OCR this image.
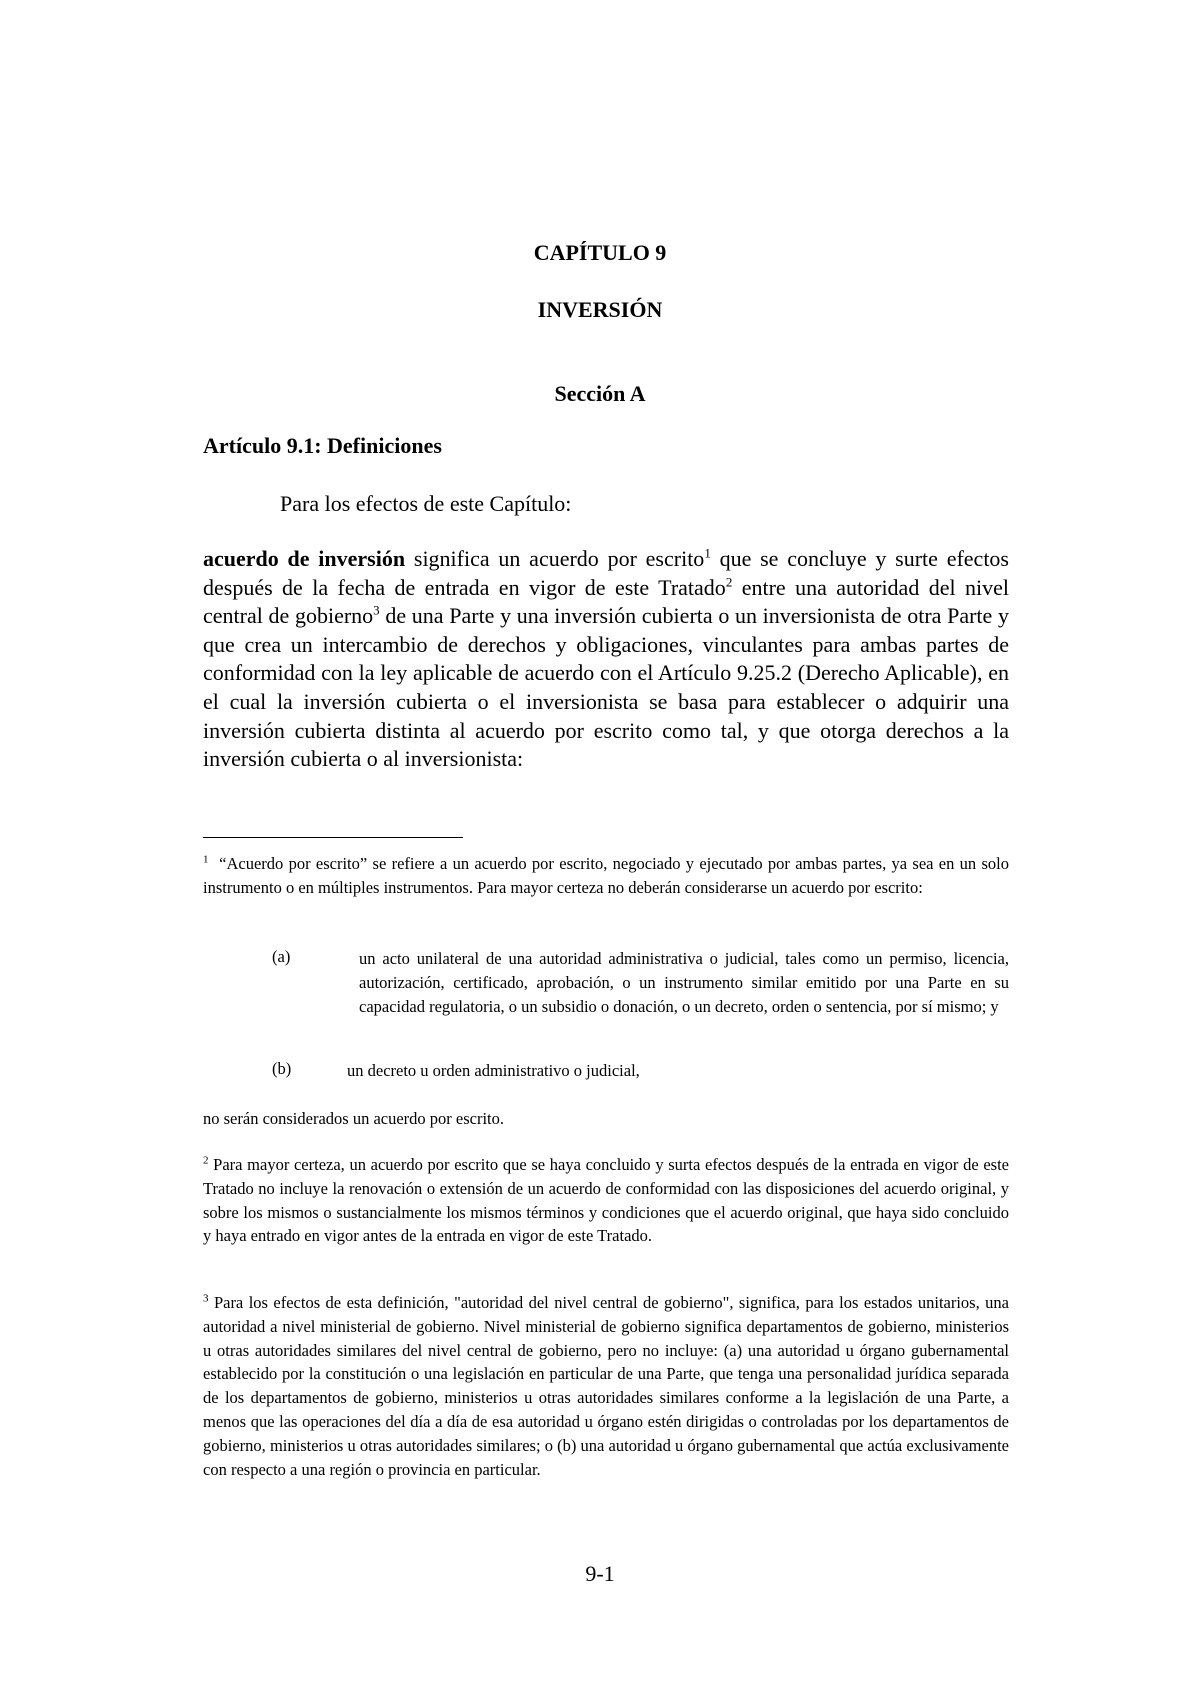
CAPÍTULO 9
INVERSIÓN
Sección A
Artículo 9.1: Definiciones
Para los efectos de este Capítulo:

acuerdo de inversión significa un acuerdo por escrito$^1$ que se concluye y surte efectos después de la fecha de entrada en vigor de este Tratado$^2$ entre una autoridad del nivel central de gobierno$^3$ de una Parte y una inversión cubierta o un inversionista de otra Parte y que crea un intercambio de derechos y obligaciones, vinculantes para ambas partes de conformidad con la ley aplicable de acuerdo con el Artículo 9.25.2 (Derecho Aplicable), en el cual la inversión cubierta o el inversionista se basa para establecer o adquirir una inversión cubierta distinta al acuerdo por escrito como tal, y que otorga derechos a la inversión cubierta o al inversionista:

$^1$ “Acuerdo por escrito” se refiere a un acuerdo por escrito, negociado y ejecutado por ambas partes, ya sea en un solo instrumento o en múltiples instrumentos. Para mayor certeza no deberán considerarse un acuerdo por escrito:

(a)	un acto unilateral de una autoridad administrativa o judicial, tales como un permiso, licencia, autorización, certificado, aprobación, o un instrumento similar emitido por una Parte en su capacidad regulatoria, o un subsidio o donación, o un decreto, orden o sentencia, por sí mismo; y

(b)	un decreto u orden administrativo o judicial,

no serán considerados un acuerdo por escrito.

$^2$ Para mayor certeza, un acuerdo por escrito que se haya concluido y surta efectos después de la entrada en vigor de este Tratado no incluye la renovación o extensión de un acuerdo de conformidad con las disposiciones del acuerdo original, y sobre los mismos o sustancialmente los mismos términos y condiciones que el acuerdo original, que haya sido concluido y haya entrado en vigor antes de la entrada en vigor de este Tratado.

$^3$ Para los efectos de esta definición, "autoridad del nivel central de gobierno", significa, para los estados unitarios, una autoridad a nivel ministerial de gobierno. Nivel ministerial de gobierno significa departamentos de gobierno, ministerios u otras autoridades similares del nivel central de gobierno, pero no incluye: (a) una autoridad u órgano gubernamental establecido por la constitución o una legislación en particular de una Parte, que tenga una personalidad jurídica separada de los departamentos de gobierno, ministerios u otras autoridades similares conforme a la legislación de una Parte, a menos que las operaciones del día a día de esa autoridad u órgano estén dirigidas o controladas por los departamentos de gobierno, ministerios u otras autoridades similares; o (b) una autoridad u órgano gubernamental que actúa exclusivamente con respecto a una región o provincia en particular.

9-1
